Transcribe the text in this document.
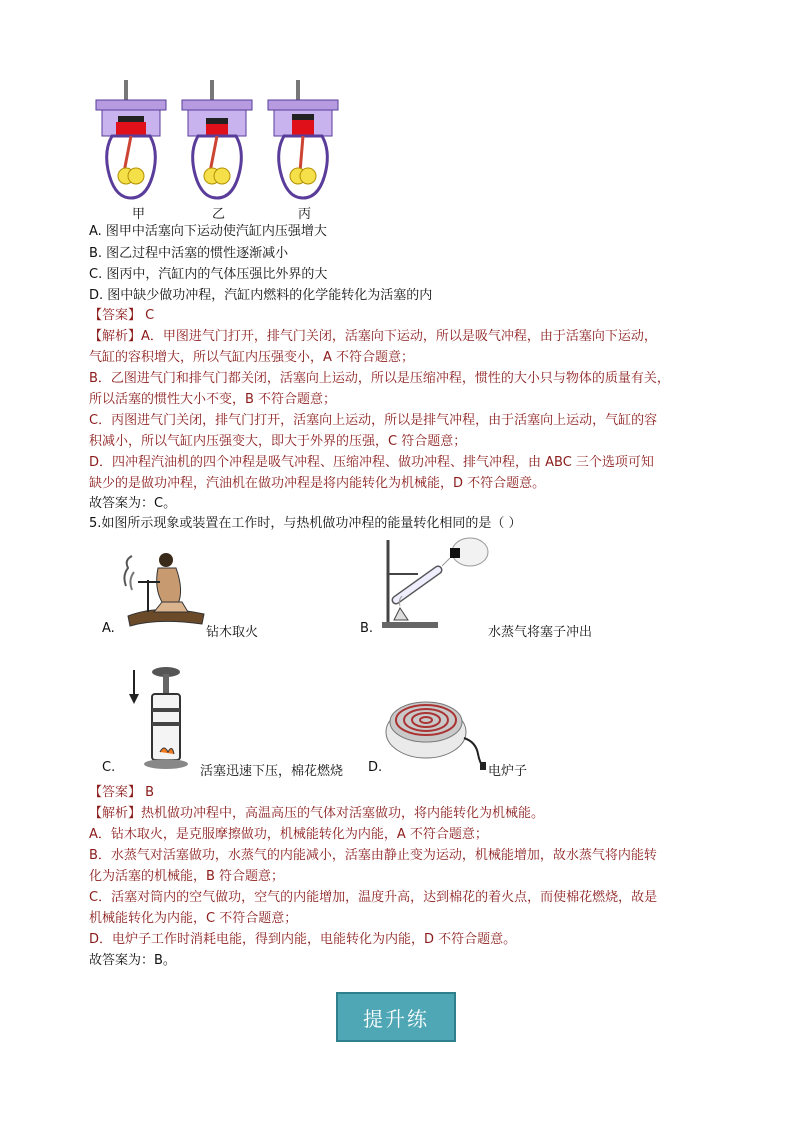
甲	乙	丙
A. 图甲中活塞向下运动使汽缸内压强增大
B. 图乙过程中活塞的惯性逐渐减小
C. 图丙中，汽缸内的气体压强比外界的大
D. 图中缺少做功冲程，汽缸内燃料的化学能转化为活塞的内
【答案】 C
【解析】A．甲图进气门打开，排气门关闭，活塞向下运动，所以是吸气冲程，由于活塞向下运动，
气缸的容积增大，所以气缸内压强变小，A 不符合题意；
B．乙图进气门和排气门都关闭，活塞向上运动，所以是压缩冲程，惯性的大小只与物体的质量有关，
所以活塞的惯性大小不变，B 不符合题意；
C．丙图进气门关闭，排气门打开，活塞向上运动，所以是排气冲程，由于活塞向上运动，气缸的容
积减小，所以气缸内压强变大，即大于外界的压强，C 符合题意；
D．四冲程汽油机的四个冲程是吸气冲程、压缩冲程、做功冲程、排气冲程，由 ABC 三个选项可知
缺少的是做功冲程，汽油机在做功冲程是将内能转化为机械能，D 不符合题意。
故答案为：C。
5.如图所示现象或装置在工作时，与热机做功冲程的能量转化相同的是（ ）
A.	钻木取火	B.	水蒸气将塞子冲出
C.	活塞迅速下压，棉花燃烧 D.	电炉子
【答案】 B
【解析】热机做功冲程中，高温高压的气体对活塞做功，将内能转化为机械能。
A．钻木取火，是克服摩擦做功，机械能转化为内能，A 不符合题意；
B．水蒸气对活塞做功，水蒸气的内能减小，活塞由静止变为运动，机械能增加，故水蒸气将内能转
化为活塞的机械能，B 符合题意；
C．活塞对筒内的空气做功，空气的内能增加，温度升高，达到棉花的着火点，而使棉花燃烧，故是
机械能转化为内能，C 不符合题意；
D．电炉子工作时消耗电能，得到内能，电能转化为内能，D 不符合题意。
故答案为：B。
提升练
